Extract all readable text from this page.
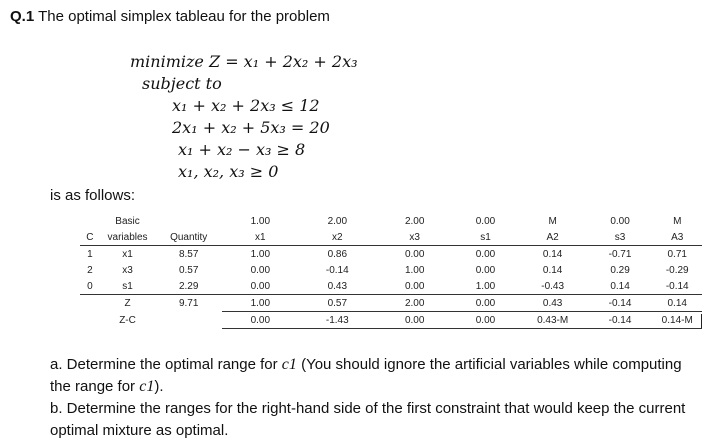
Q.1 The optimal simplex tableau for the problem
minimize Z = x₁ + 2x₂ + 2x₃
subject to
x₁ + x₂ + 2x₃ ≤ 12
2x₁ + x₂ + 5x₃ = 20
x₁ + x₂ − x₃ ≥ 8
x₁, x₂, x₃ ≥ 0
is as follows:
	Basic		1.00	2.00	2.00	0.00	M	0.00	M
C	variables	Quantity	x1	x2	x3	s1	A2	s3	A3
1	x1	8.57	1.00	0.86	0.00	0.00	0.14	-0.71	0.71
2	x3	0.57	0.00	-0.14	1.00	0.00	0.14	0.29	-0.29
0	s1	2.29	0.00	0.43	0.00	1.00	-0.43	0.14	-0.14
	Z	9.71	1.00	0.57	2.00	0.00	0.43	-0.14	0.14
	Z-C		0.00	-1.43	0.00	0.00	0.43-M	-0.14	0.14-M

a. Determine the optimal range for c1 (You should ignore the artificial variables while computing the range for c1).

b. Determine the ranges for the right-hand side of the first constraint that would keep the current optimal mixture as optimal.
